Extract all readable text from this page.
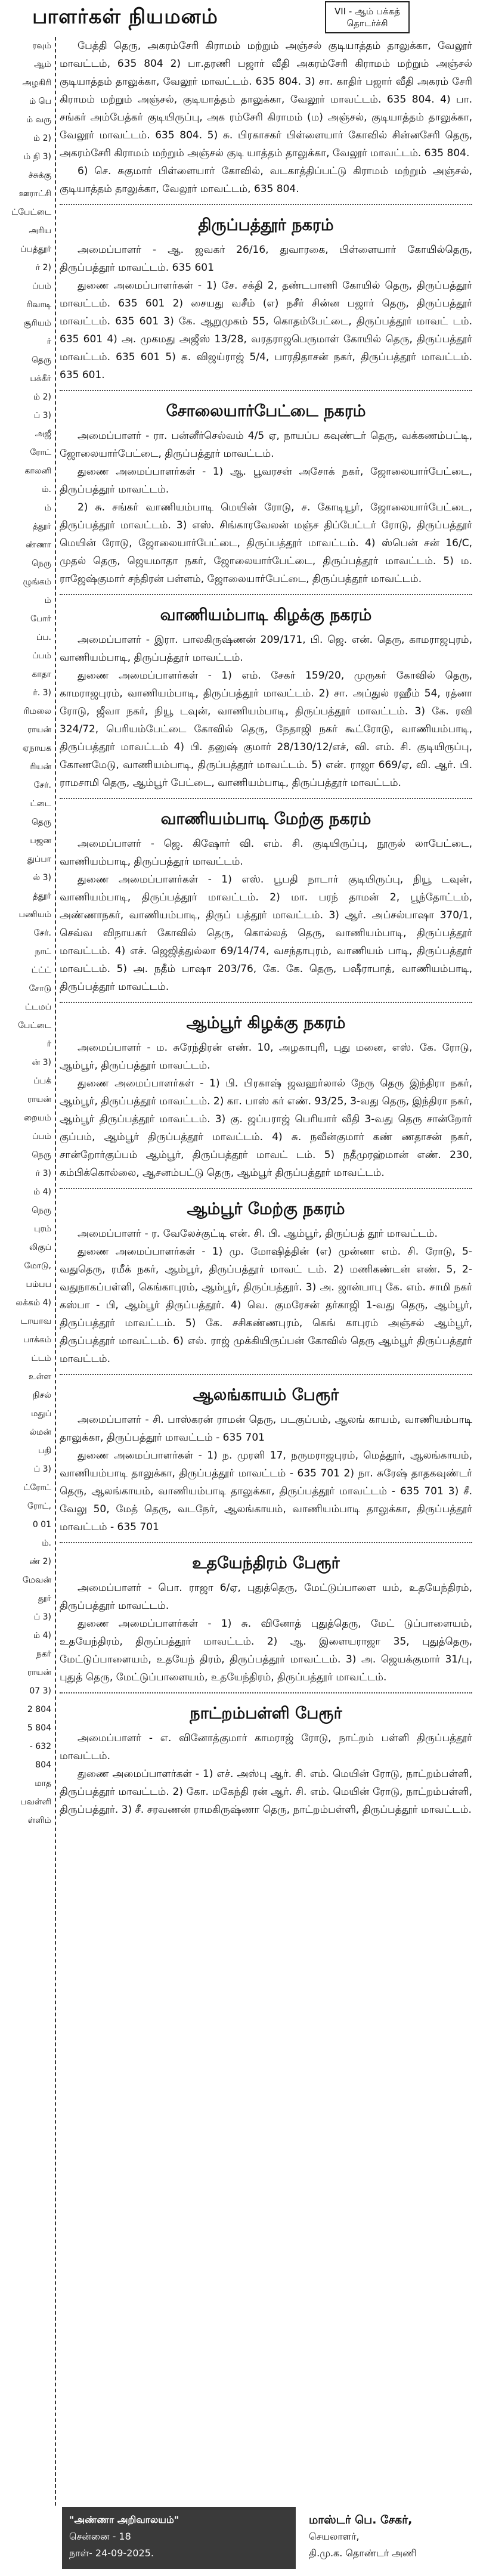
பாளர்கள் நியமனம்	VII - ஆம் பக்கத்
தொடர்ச்சி
ரவும்
ஆம்
அழகிரி
ம் பெ
ம் வரு
ம் 2)
ம் நி 3)
ச்சுக்கு
ஊராட்சி
ட்பேட்டை
அரிய
ப்பத்தூர்
ர் 2)
ப்பம்
ரிவாடி
சூரியம்
ர்
தெரு
பக்கீர்
ம் 2)
ப் 3)
அஜீ
ரோட்
காலனி
ம்.
ம்
த்தூர்
ண்ணா
நெரு
ழுங்கம்
ம்
போர்
ப்ப.
ப்பம்
காதா
ர். 3)
ரிமலை
ராயன்
ஏநாயக
ரியன்
சேர்.
ட்டை
தெரு
பஜன
துப்பா
ல் 3)
த்தூர்
பணியம்
சேர்.
நாட்
ட்ட்ட்
சோடு
ட்டமப்
பேட்டை
ர்
ன் 3)
ப்பக்
ராயன்
றையம்
ப்பம்
நெரு
ர் 3)
ம் 4)
நெரு
புரம்
லிகுப்
மோடு,
பம்பப
லக்கம் 4)
டாயாவ
பாக்கம்
ட்டம்
உள்ள
நிசல்
மதுப்
ல்மன்
பதி
ப் 3)
ட்ரோட்
ரோட்,
0 01
ம்.
ண் 2)
மேவன்
தூர்
ப் 3)
ம் 4)
நகர்
ராயன்
07 3)
2 804
5 804
- 632
804
மாத
பவள்ளி
ள்ளிம்

பேத்தி தெரு, அகரம்சேரி கிராமம் மற்றும் அஞ்சல் குடியாத்தம் தாலுக்கா, வேலூர் மாவட்டம், 635 804 2) பா.தரணி பஜார் வீதி அகரம்சேரி கிராமம் மற்றும் அஞ்சல் குடியாத்தம் தாலுக்கா, வேலூர் மாவட்டம். 635 804. 3) சா. காதிர் பஜார் வீதி அகரம் சேரி கிராமம் மற்றும் அஞ்சல், குடியாத்தம் தாலுக்கா, வேலூர் மாவட்டம். 635 804. 4) பா. சங்கர் அம்பேத்கர் குடியிருப்பு, அக ரம்சேரி கிராமம் (ம) அஞ்சல், குடியாத்தம் தாலுக்கா, வேலூர் மாவட்டம். 635 804. 5) சு. பிரகாசகர் பிள்ளையார் கோவில் சின்னசேரி தெரு, அகரம்சேரி கிராமம் மற்றும் அஞ்சல் குடி யாத்தம் தாலுக்கா, வேலூர் மாவட்டம். 635 804.

6) செ. சுகுமார் பிள்ளையார் கோவில், வடகாத்திப்பட்டு கிராமம் மற்றும் அஞ்சல், குடியாத்தம் தாலுக்கா, வேலூர் மாவட்டம், 635 804.

திருப்பத்தூர் நகரம்

அமைப்பாளர் - ஆ. ஜவகர் 26/16, துவாரகை, பிள்ளையார் கோயில்தெரு, திருப்பத்தூர் மாவட்டம். 635 601

துணை அமைப்பாளர்கள் - 1) சே. சக்தி 2, தண்டபாணி கோயில் தெரு, திருப்பத்தூர் மாவட்டம். 635 601 2) சையது வசீம் (எ) நசீர் சின்ன பஜார் தெரு, திருப்பத்தூர் மாவட்டம். 635 601 3) கே. ஆறுமுகம் 55, கொதம்பேட்டை, திருப்பத்தூர் மாவட் டம். 635 601 4) அ. முகமது அஜீஸ் 13/28, வரதராஜபெருமாள் கோயில் தெரு, திருப்பத்தூர் மாவட்டம். 635 601 5) க. விஜய்ராஜ் 5/4, பாரதிதாசன் நகர், திருப்பத்தூர் மாவட்டம். 635 601.

சோலையார்பேட்டை நகரம்

அமைப்பாளர் - ரா. பன்னீர்செல்வம் 4/5 ஏ, நாயப்ப கவுண்டர் தெரு, வக்கணம்பட்டி, ஜோலையார்பேட்டை, திருப்பத்தூர் மாவட்டம்.

துணை அமைப்பாளர்கள் - 1) ஆ. பூவரசன் அசோக் நகர், ஜோலையார்பேட்டை, திருப்பத்தூர் மாவட்டம்.

2) சு. சங்கர் வாணியம்பாடி மெயின் ரோடு, ச. கோடியூர், ஜோலையார்பேட்டை, திருப்பத்தூர் மாவட்டம். 3) எஸ். சிங்காரவேலன் மஞ்ச திப்பேட்டர் ரோடு, திருப்பத்தூர் மெயின் ரோடு, ஜோலையார்பேட்டை, திருப்பத்தூர் மாவட்டம். 4) ஸ்பென் சன் 16/C, முதல் தெரு, ஜெயமாதா நகர், ஜோலையார்பேட்டை, திருப்பத்தூர் மாவட்டம். 5) ம. ராஜேஷ்குமார் சந்திரன் பள்ளம், ஜோலையார்பேட்டை, திருப்பத்தூர் மாவட்டம்.

வாணியம்பாடி கிழக்கு நகரம்

அமைப்பாளர் - இரா. பாலகிருஷ்ணன் 209/171, பி. ஜெ. என். தெரு, காமராஜபுரம், வாணியம்பாடி, திருப்பத்தூர் மாவட்டம்.

துணை அமைப்பாளர்கள் - 1) எம். சேகர் 159/20, முருகர் கோவில் தெரு, காமராஜபுரம், வாணியம்பாடி, திருப்பத்தூர் மாவட்டம். 2) சா. அப்துல் ரஹீம் 54, ரத்னா ரோடு, ஜீவா நகர், நியூ டவுன், வாணியம்பாடி, திருப்பத்தூர் மாவட்டம். 3) கே. ரவி 324/72, பெரியம்பேட்டை கோவில் தெரு, நேதாஜி நகர் கூட்ரோடு, வாணியம்பாடி, திருப்பத்தூர் மாவட்டம் 4) பி. தனுஷ் குமார் 28/130/12/எச், வி. எம். சி. குடியிருப்பு, கோணமேடு, வாணியம்பாடி, திருப்பத்தூர் மாவட்டம். 5) என். ராஜா 669/ஏ, வி. ஆர். பி. ராமசாமி தெரு, ஆம்பூர் பேட்டை, வாணியம்பாடி, திருப்பத்தூர் மாவட்டம்.

வாணியம்பாடி மேற்கு நகரம்

அமைப்பாளர் - ஜெ. கிஷோர் வி. எம். சி. குடியிருப்பு, நூருல் லாபேட்டை, வாணியம்பாடி, திருப்பத்தூர் மாவட்டம்.

துணை அமைப்பாளர்கள் - 1) எஸ். பூபதி நாடார் குடியிருப்பு, நியூ டவுன், வாணியம்பாடி, திருப்பத்தூர் மாவட்டம். 2) மா. பரந் தாமன் 2, பூந்தோட்டம், அண்ணாநகர், வாணியம்பாடி, திருப் பத்தூர் மாவட்டம். 3) ஆர். அப்சல்பாஷா 370/1, செவ்வ விநாயகர் கோவில் தெரு, கொல்லத் தெரு, வாணியம்பாடி, திருப்பத்தூர் மாவட்டம். 4) எச். ஜெஜித்துல்லா 69/14/74, வசந்தாபுரம், வாணியம் பாடி, திருப்பத்தூர் மாவட்டம். 5) அ. நதீம் பாஷா 203/76, கே. கே. தெரு, பஷீராபாத், வாணியம்பாடி, திருப்பத்தூர் மாவட்டம்.

ஆம்பூர் கிழக்கு நகரம்

அமைப்பாளர் - ம. சுரேந்திரன் எண். 10, அழகாபுரி, புது மனை, எஸ். கே. ரோடு, ஆம்பூர், திருப்பத்தூர் மாவட்டம்.

துணை அமைப்பாளர்கள் - 1) பி. பிரகாஷ் ஜவஹர்லால் நேரு தெரு இந்திரா நகர், ஆம்பூர், திருப்பத்தூர் மாவட்டம். 2) கா. பாஸ் கர் எண். 93/25, 3-வது தெரு, இந்திரா நகர், ஆம்பூர் திருப்பத்தூர் மாவட்டம். 3) கு. ஜப்பராஜ் பெரியார் வீதி 3-வது தெரு சான்றோர் குப்பம், ஆம்பூர் திருப்பத்தூர் மாவட்டம். 4) சு. நவீன்குமார் கண் ணதாசன் நகர், சான்றோர்குப்பம் ஆம்பூர், திருப்பத்தூர் மாவட் டம். 5) நதீமுரஹ்மான் எண். 230, கம்பிக்கொல்லை, ஆசனம்பட்டு தெரு, ஆம்பூர் திருப்பத்தூர் மாவட்டம்.

ஆம்பூர் மேற்கு நகரம்

அமைப்பாளர் - ர. வேலேச்குட்டி என். சி. பி. ஆம்பூர், திருப்பத் தூர் மாவட்டம்.

துணை அமைப்பாளர்கள் - 1) மு. மோஷித்தின் (எ) முன்னா எம். சி. ரோடு, 5-வதுதெரு, ரமீக் நகர், ஆம்பூர், திருப்பத்தூர் மாவட் டம். 2) மணிகண்டன் எண். 5, 2-வதுநாகப்பள்ளி, கெங்காபுரம், ஆம்பூர், திருப்பத்தூர். 3) அ. ஜான்பாபு கே. எம். சாமி நகர் கஸ்பா - பி, ஆம்பூர் திருப்பத்தூர். 4) வெ. குமரேசன் தர்காஜி 1-வது தெரு, ஆம்பூர், திருப்பத்தூர் மாவட்டம். 5) கே. சசிகண்ணபுரம், கெங் காபுரம் அஞ்சல் ஆம்பூர், திருப்பத்தூர் மாவட்டம். 6) எல். ராஜ் முக்கியிருப்பன் கோவில் தெரு ஆம்பூர் திருப்பத்தூர் மாவட்டம்.

ஆலங்காயம் பேரூர்

அமைப்பாளர் - சி. பாஸ்கரன் ராமன் தெரு, படகுப்பம், ஆலங் காயம், வாணியம்பாடி தாலுக்கா, திருப்பத்தூர் மாவட்டம் - 635 701

துணை அமைப்பாளர்கள் - 1) ந. முரளி 17, நருமராஜபுரம், மெத்தூர், ஆலங்காயம், வாணியம்பாடி தாலுக்கா, திருப்பத்தூர் மாவட்டம் - 635 701 2) நா. சுரேஷ் தாதகவுண்டர் தெரு, ஆலங்காயம், வாணியம்பாடி தாலுக்கா, திருப்பத்தூர் மாவட்டம் - 635 701 3) சீ. வேலு 50, மேத் தெரு, வடநேர், ஆலங்காயம், வாணியம்பாடி தாலுக்கா, திருப்பத்தூர் மாவட்டம் - 635 701

உதயேந்திரம் பேரூர்

அமைப்பாளர் - பொ. ராஜா 6/ஏ, புதுத்தெரு, மேட்டுப்பாளை யம், உதயேந்திரம், திருப்பத்தூர் மாவட்டம்.

துணை அமைப்பாளர்கள் - 1) சு. வினோத் புதுத்தெரு, மேட் டுப்பாளையம், உதயேந்திரம், திருப்பத்தூர் மாவட்டம். 2) ஆ. இளையராஜா 35, புதுத்தெரு, மேட்டுப்பாளையம், உதயேந் திரம், திருப்பத்தூர் மாவட்டம். 3) அ. ஜெயக்குமார் 31/பு, புதுத் தெரு, மேட்டுப்பாளையம், உதயேந்திரம், திருப்பத்தூர் மாவட்டம்.

நாட்றம்பள்ளி பேரூர்

அமைப்பாளர் - எ. வினோத்குமார் காமராஜ் ரோடு, நாட்றம் பள்ளி திருப்பத்தூர் மாவட்டம்.

துணை அமைப்பாளர்கள் - 1) எச். அஸ்பு ஆர். சி. எம். மெயின் ரோடு, நாட்றம்பள்ளி, திருப்பத்தூர் மாவட்டம். 2) கோ. மகேந்தி ரன் ஆர். சி. எம். மெயின் ரோடு, நாட்றம்பள்ளி, திருப்பத்தூர். 3) சீ. சரவணன் ராமகிருஷ்ணா தெரு, நாட்றம்பள்ளி, திருப்பத்தூர் மாவட்டம்.

"அண்ணா அறிவாலயம்"
சென்னை - 18
நாள்- 24-09-2025.
மாஸ்டர் பெ. சேகர்,
செயலாளர்,
தி.மு.க. தொண்டர் அணி
